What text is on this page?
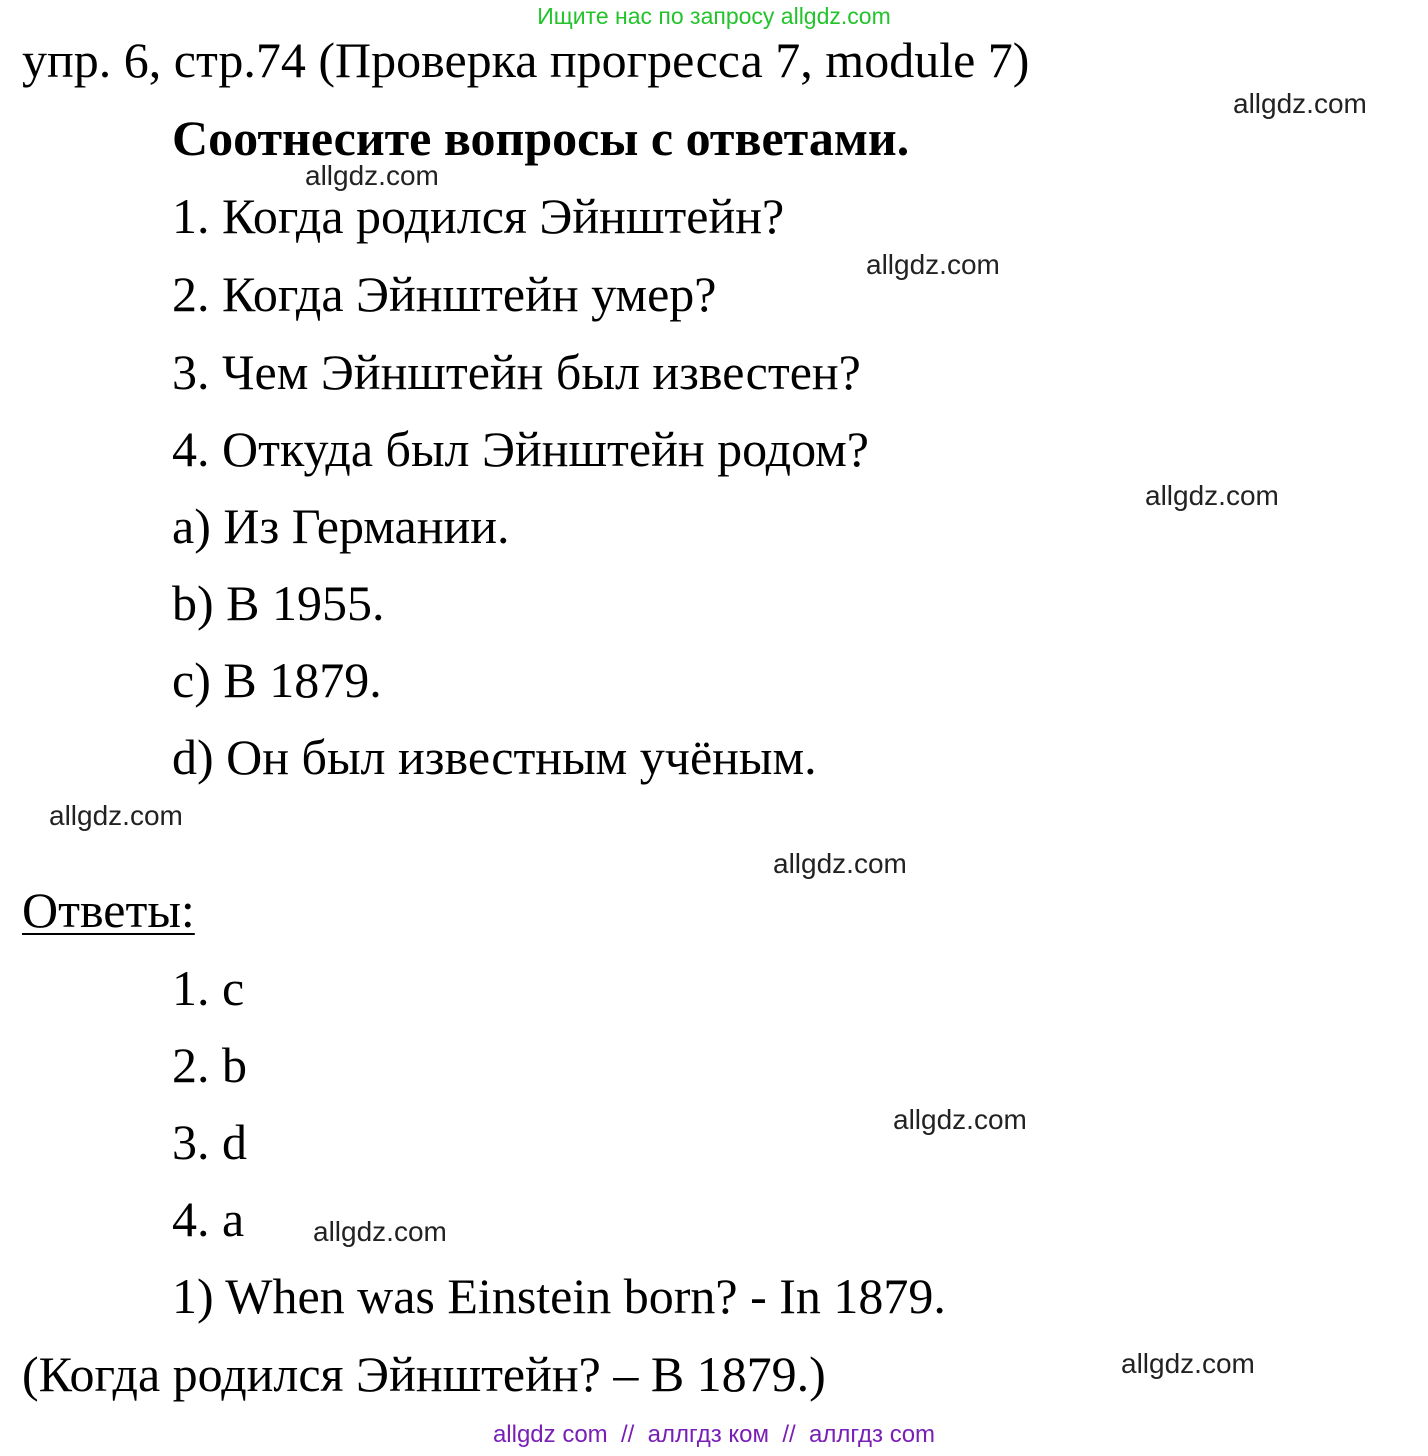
Ищите нас по запросу allgdz.com
упр. 6, стр.74 (Проверка прогресса 7, module 7)
Соотнесите вопросы с ответами.
1. Когда родился Эйнштейн?
2. Когда Эйнштейн умер?
3. Чем Эйнштейн был известен?
4. Откуда был Эйнштейн родом?
a) Из Германии.
b) В 1955.
c) В 1879.
d) Он был известным учёным.
Ответы:
1. c
2. b
3. d
4. a
1) When was Einstein born? - In 1879.
(Когда родился Эйнштейн? – В 1879.)
allgdz.com
allgdz.com
allgdz.com
allgdz.com
allgdz.com
allgdz.com
allgdz.com
allgdz.com
allgdz.com
allgdz com  //  аллгдз ком  //  аллгдз com
